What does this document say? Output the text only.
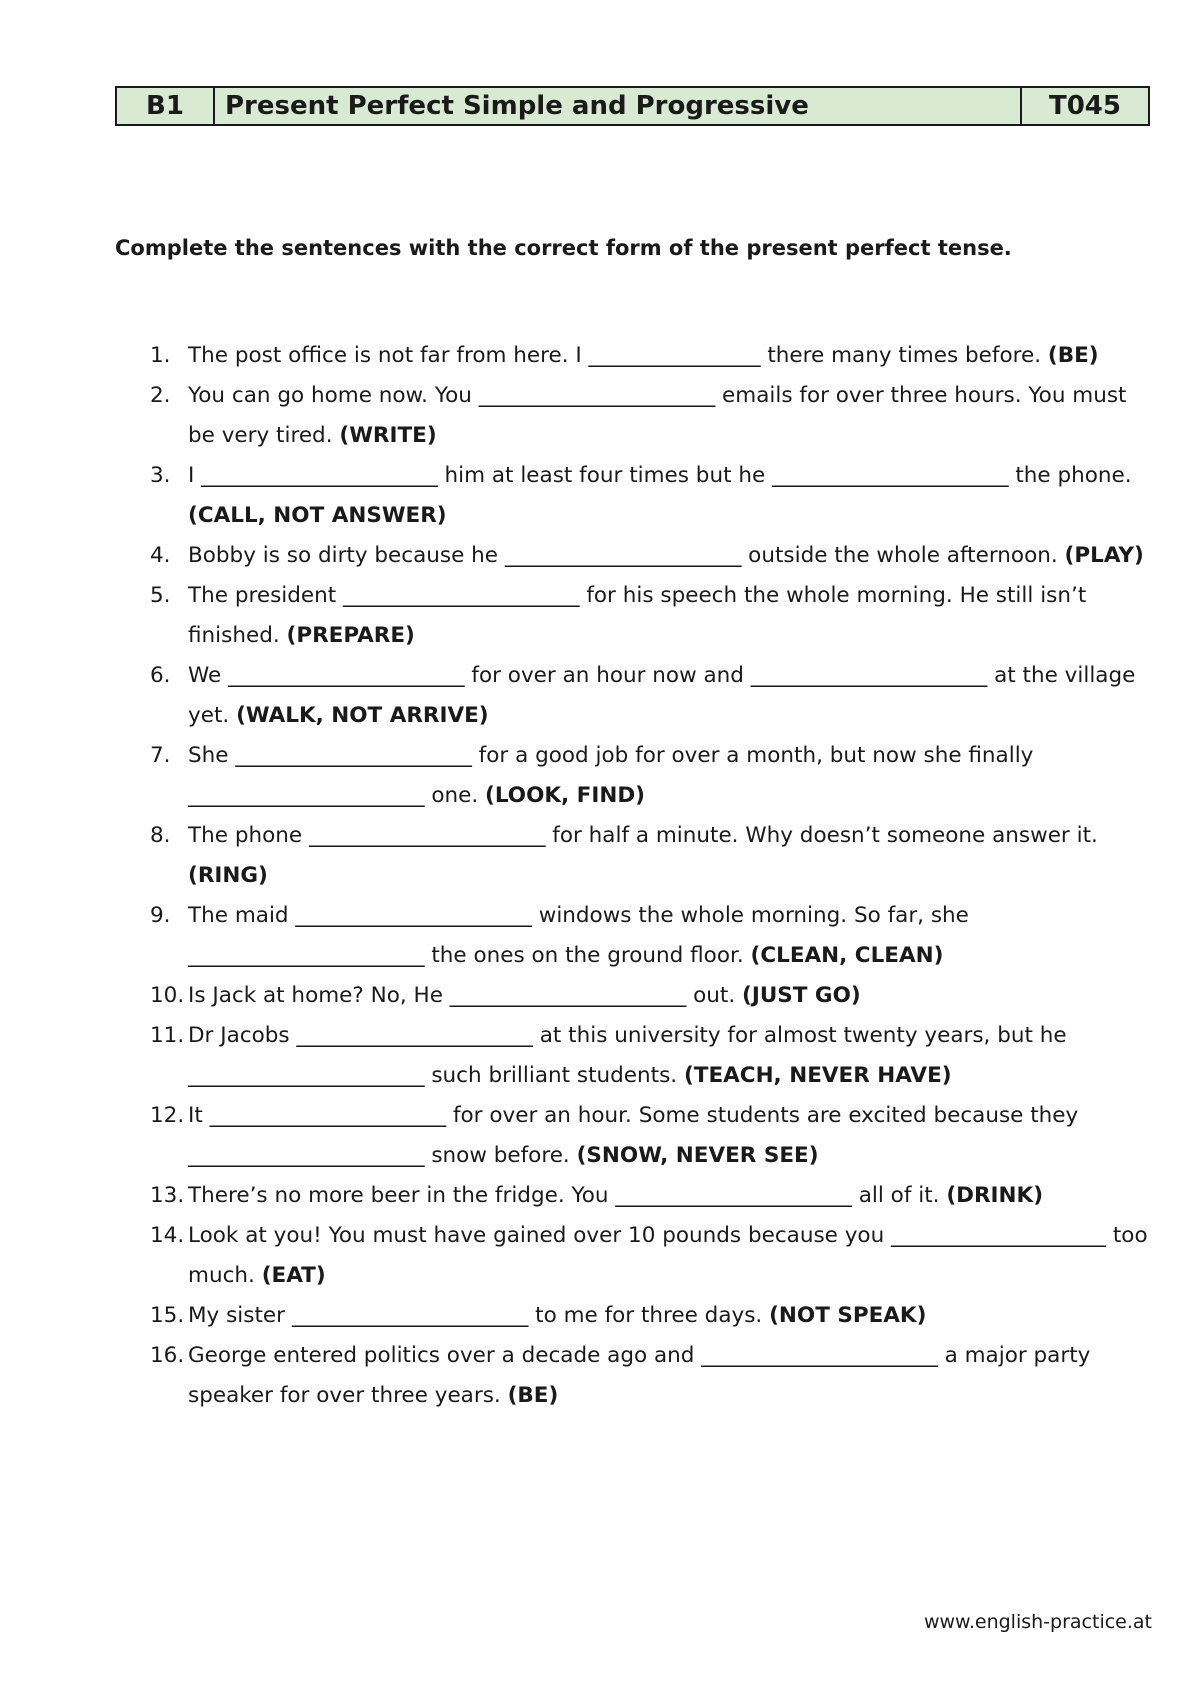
B1	Present Perfect Simple and Progressive	T045

Complete the sentences with the correct form of the present perfect tense.

1. The post office is not far from here. I ________________ there many times before. (BE)
2. You can go home now. You ______________________ emails for over three hours. You must be very tired. (WRITE)
3. I ______________________ him at least four times but he ______________________ the phone. (CALL, NOT ANSWER)
4. Bobby is so dirty because he ______________________ outside the whole afternoon. (PLAY)
5. The president ______________________ for his speech the whole morning. He still isn’t finished. (PREPARE)
6. We ______________________ for over an hour now and ______________________ at the village yet. (WALK, NOT ARRIVE)
7. She ______________________ for a good job for over a month, but now she finally ______________________ one. (LOOK, FIND)
8. The phone ______________________ for half a minute. Why doesn’t someone answer it. (RING)
9. The maid ______________________ windows the whole morning. So far, she ______________________ the ones on the ground floor. (CLEAN, CLEAN)
10. Is Jack at home? No, He ______________________ out. (JUST GO)
11. Dr Jacobs ______________________ at this university for almost twenty years, but he ______________________ such brilliant students. (TEACH, NEVER HAVE)
12. It ______________________ for over an hour. Some students are excited because they ______________________ snow before. (SNOW, NEVER SEE)
13. There’s no more beer in the fridge. You ______________________ all of it. (DRINK)
14. Look at you! You must have gained over 10 pounds because you ____________________ too much. (EAT)
15. My sister ______________________ to me for three days. (NOT SPEAK)
16. George entered politics over a decade ago and ______________________ a major party speaker for over three years. (BE)

www.english-practice.at
